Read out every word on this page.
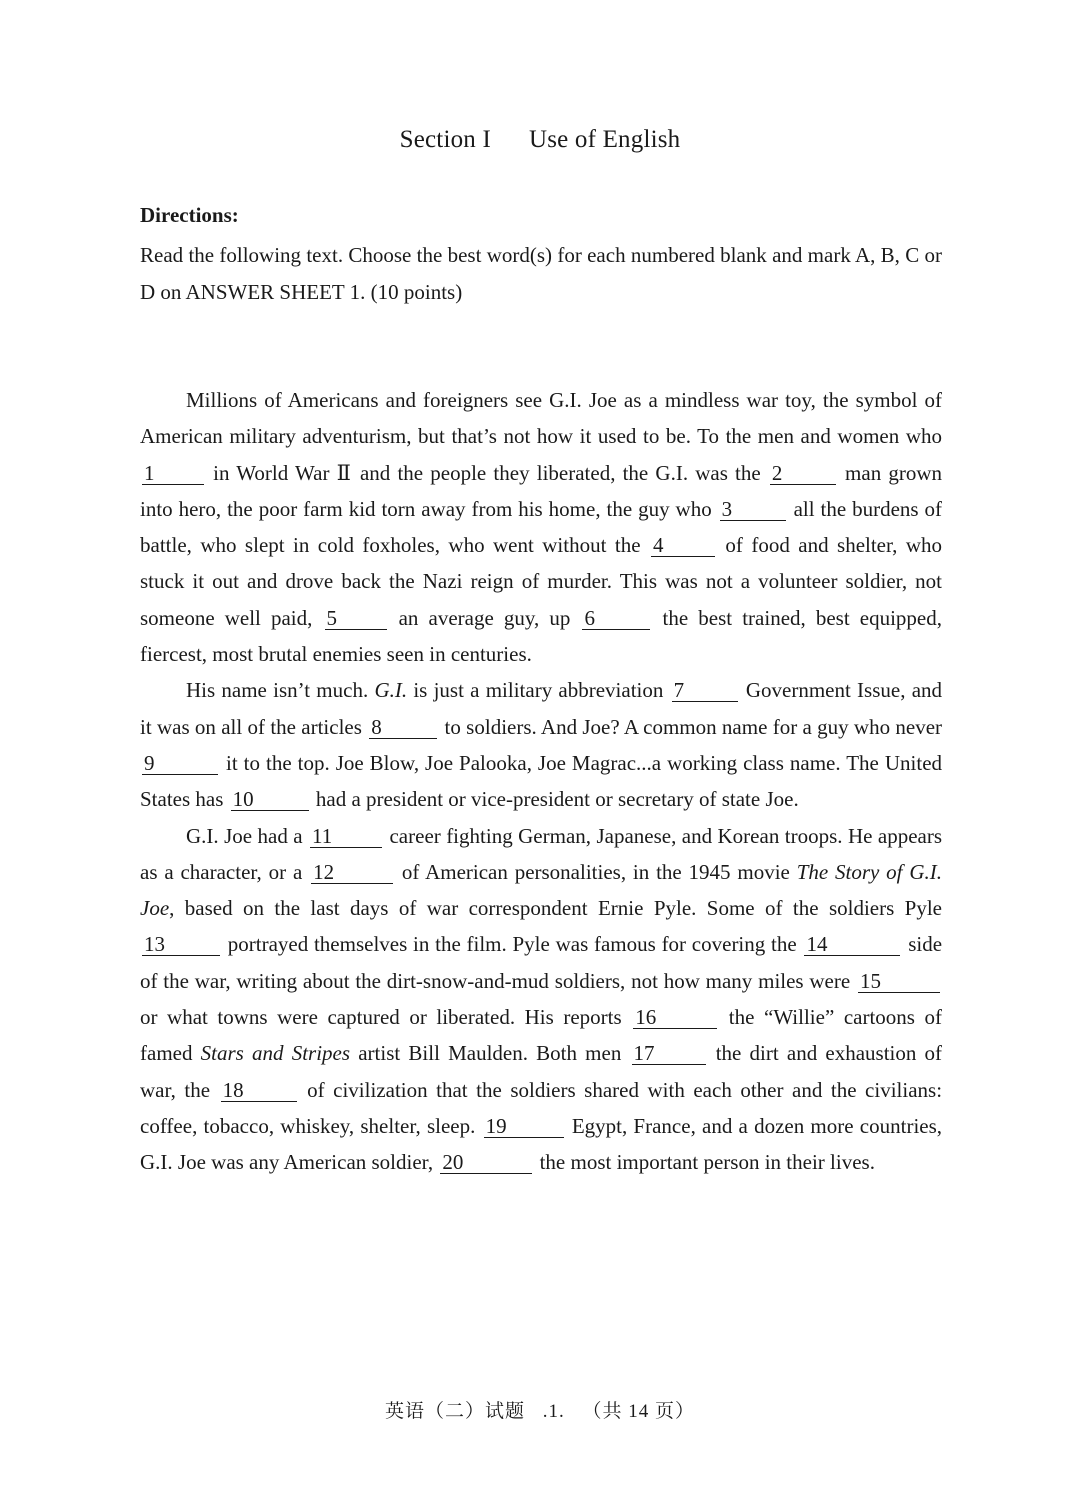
Section I Use of English
Directions:
Read the following text. Choose the best word(s) for each numbered blank and mark A, B, C or D on ANSWER SHEET 1. (10 points)

Millions of Americans and foreigners see G.I. Joe as a mindless war toy, the symbol of American military adventurism, but that’s not how it used to be. To the men and women who 1	in World War Ⅱ and the people they liberated, the G.I. was the 2	man grown into hero, the poor farm kid torn away from his home, the guy who 3	all the burdens of battle, who slept in cold foxholes, who went without the 4	of food and shelter, who stuck it out and drove back the Nazi reign of murder. This was not a volunteer soldier, not someone well paid, 5	an average guy, up 6	the best trained, best equipped, fiercest, most brutal enemies seen in centuries.

His name isn’t much. G.I. is just a military abbreviation 7	Government Issue, and it was on all of the articles 8	to soldiers. And Joe? A common name for a guy who never 9	it to the top. Joe Blow, Joe Palooka, Joe Magrac...a working class name. The United States has 10	had a president or vice-president or secretary of state Joe.

G.I. Joe had a 11	career fighting German, Japanese, and Korean troops. He appears as a character, or a 12	of American personalities, in the 1945 movie The Story of G.I. Joe, based on the last days of war correspondent Ernie Pyle. Some of the soldiers Pyle 13	portrayed themselves in the film. Pyle was famous for covering the 14	side of the war, writing about the dirt-snow-and-mud soldiers, not how many miles were 15 or what towns were captured or liberated. His reports 16	the “Willie” cartoons of famed Stars and Stripes artist Bill Maulden. Both men 17	the dirt and exhaustion of war, the 18	of civilization that the soldiers shared with each other and the civilians: coffee, tobacco, whiskey, shelter, sleep. 19	Egypt, France, and a dozen more countries, G.I. Joe was any American soldier, 20	the most important person in their lives.

英语（二）试题 .1. （共 14 页）
